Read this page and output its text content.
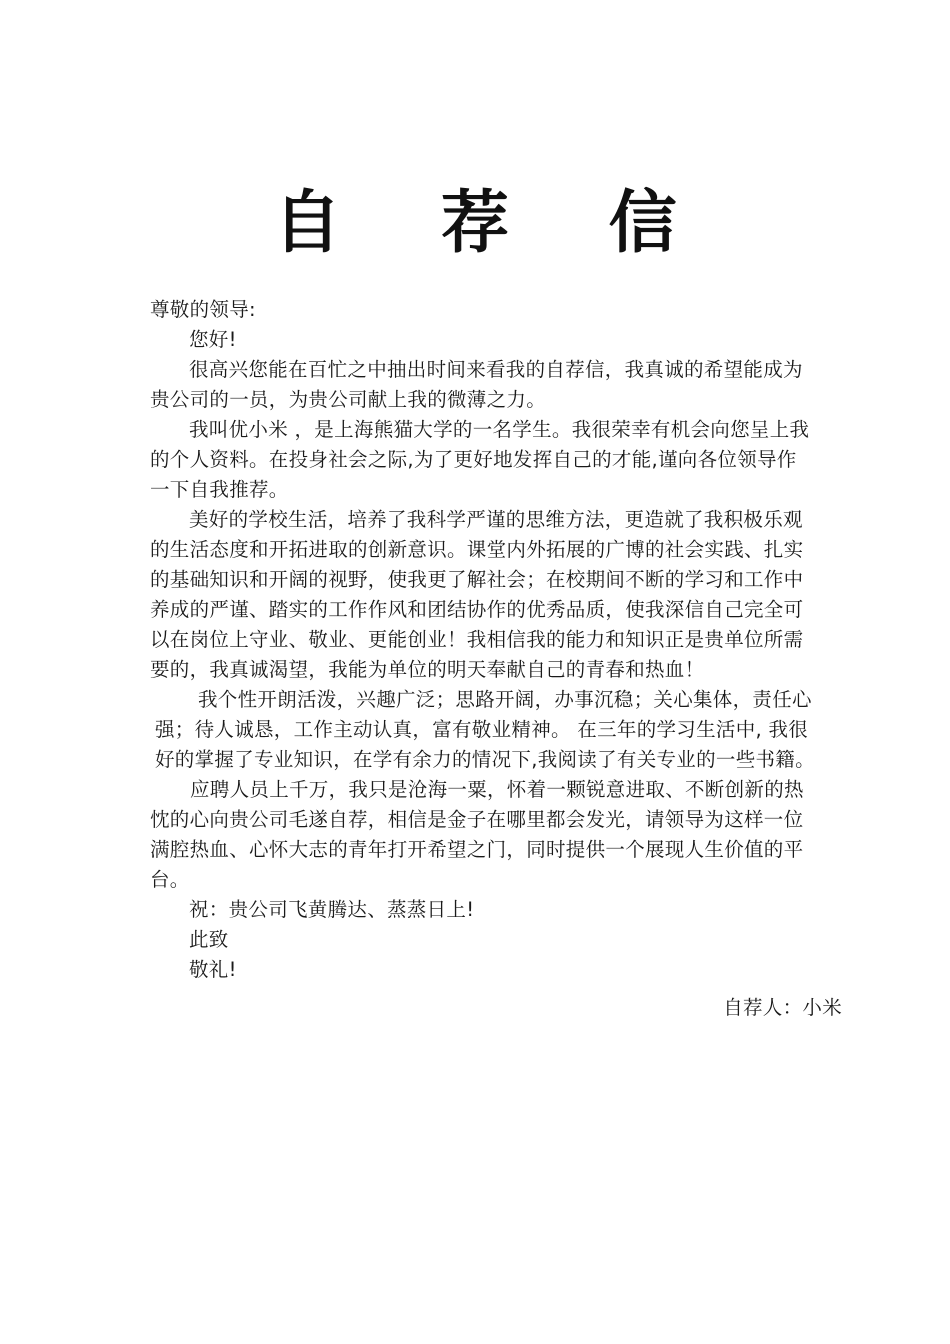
自 荐 信

尊敬的领导:

您好!

很高兴您能在百忙之中抽出时间来看我的自荐信，我真诚的希望能成为

贵公司的一员，为贵公司献上我的微薄之力。

我叫优小米 ，是上海熊猫大学的一名学生。我很荣幸有机会向您呈上我

的个人资料。在投身社会之际,为了更好地发挥自己的才能,谨向各位领导作

一下自我推荐。

美好的学校生活，培养了我科学严谨的思维方法，更造就了我积极乐观

的生活态度和开拓进取的创新意识。课堂内外拓展的广博的社会实践、扎实

的基础知识和开阔的视野，使我更了解社会；在校期间不断的学习和工作中

养成的严谨、踏实的工作作风和团结协作的优秀品质，使我深信自己完全可

以在岗位上守业、敬业、更能创业！我相信我的能力和知识正是贵单位所需

要的，我真诚渴望，我能为单位的明天奉献自己的青春和热血！

我个性开朗活泼，兴趣广泛；思路开阔，办事沉稳；关心集体，责任心

强；待人诚恳，工作主动认真，富有敬业精神。 在三年的学习生活中, 我很

好的掌握了专业知识，在学有余力的情况下,我阅读了有关专业的一些书籍。

应聘人员上千万，我只是沧海一粟，怀着一颗锐意进取、不断创新的热

忱的心向贵公司毛遂自荐，相信是金子在哪里都会发光，请领导为这样一位

满腔热血、心怀大志的青年打开希望之门，同时提供一个展现人生价值的平

台。

祝：贵公司飞黄腾达、蒸蒸日上!

此致

敬礼!

自荐人：小米
